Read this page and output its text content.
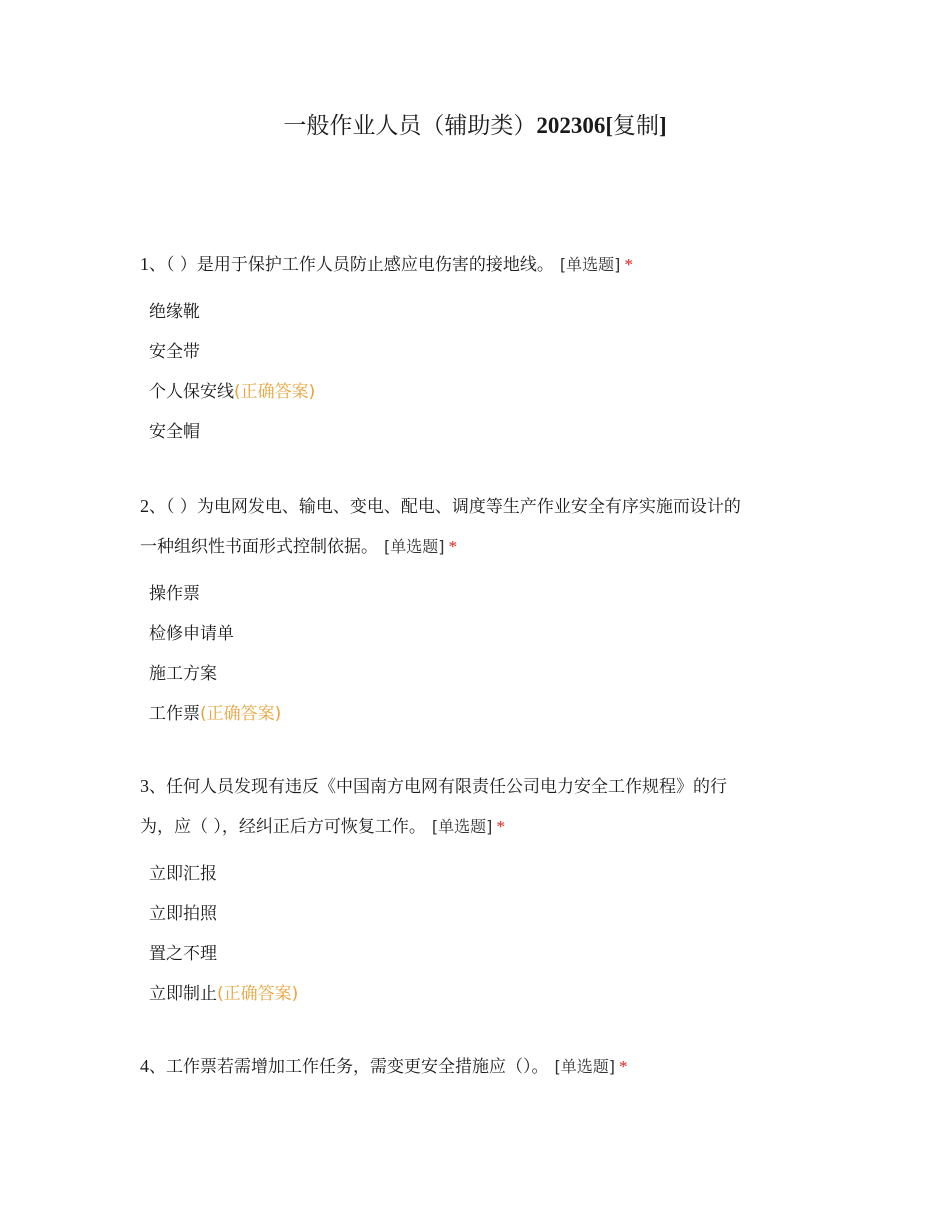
一般作业人员（辅助类）202306[复制]
1、（ ）是用于保护工作人员防止感应电伤害的接地线。 [单选题] *
绝缘靴
安全带
个人保安线(正确答案)
安全帽
2、（ ）为电网发电、输电、变电、配电、调度等生产作业安全有序实施而设计的
一种组织性书面形式控制依据。 [单选题] *
操作票
检修申请单
施工方案
工作票(正确答案)
3、任何人员发现有违反《中国南方电网有限责任公司电力安全工作规程》的行
为，应（ ），经纠正后方可恢复工作。 [单选题] *
立即汇报
立即拍照
置之不理
立即制止(正确答案)
4、工作票若需增加工作任务，需变更安全措施应（）。 [单选题] *
